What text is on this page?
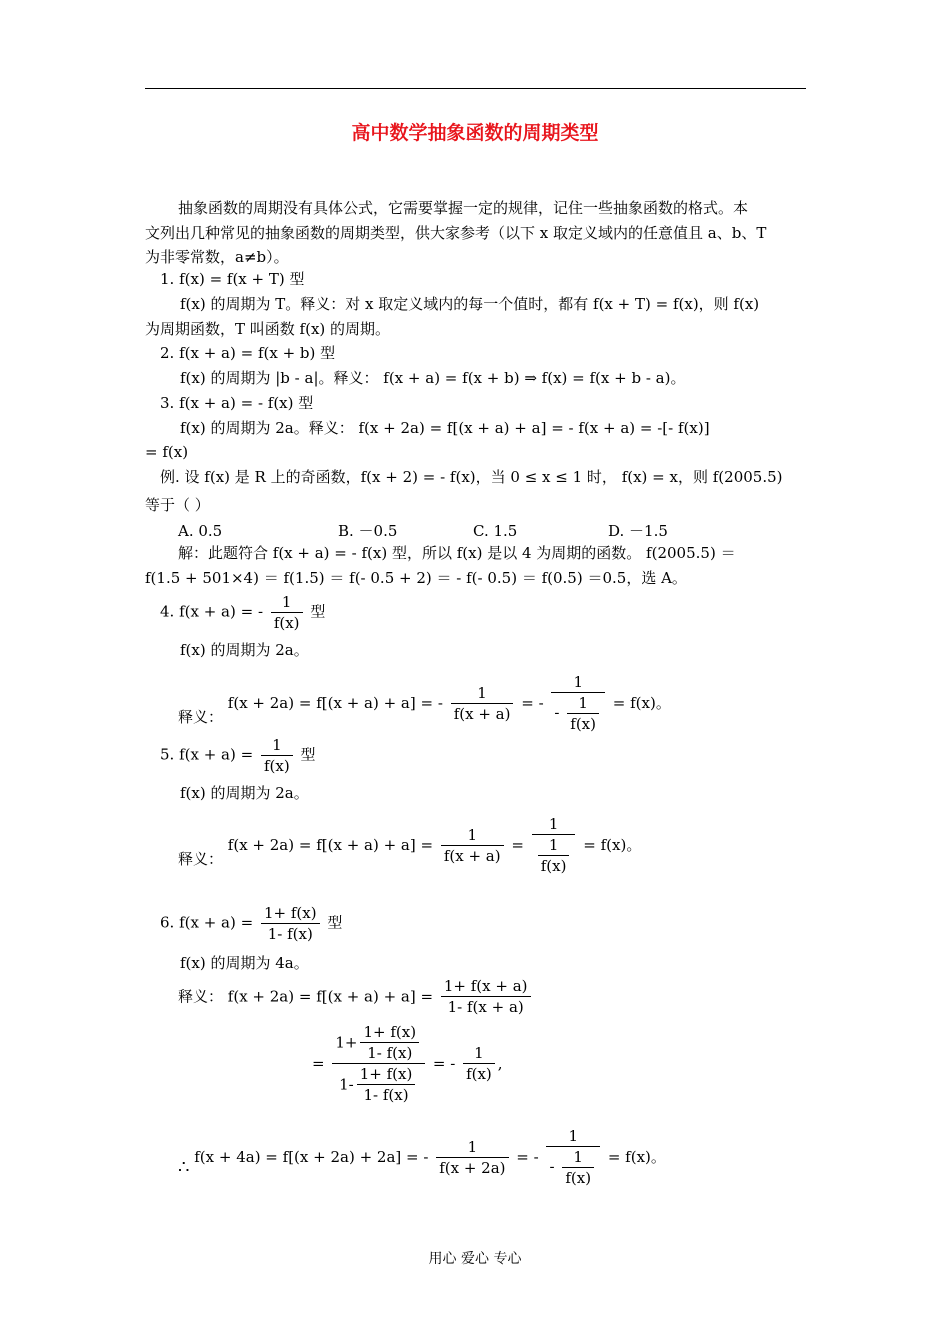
高中数学抽象函数的周期类型
抽象函数的周期没有具体公式，它需要掌握一定的规律，记住一些抽象函数的格式。本
文列出几种常见的抽象函数的周期类型，供大家参考（以下 x 取定义域内的任意值且 a、b、T
为非零常数，a≠b）。
1. f(x) = f(x + T) 型
f(x) 的周期为 T。释义：对 x 取定义域内的每一个值时，都有 f(x + T) = f(x)，则 f(x)
为周期函数，T 叫函数 f(x) 的周期。
2. f(x + a) = f(x + b) 型
f(x) 的周期为 |b - a|。释义： f(x + a) = f(x + b) ⇒ f(x) = f(x + b - a)。
3. f(x + a) = - f(x) 型
f(x) 的周期为 2a。释义： f(x + 2a) = f[(x + a) + a] = - f(x + a) = -[- f(x)]
= f(x)
例. 设 f(x) 是 R 上的奇函数，f(x + 2) = - f(x)，当 0 ≤ x ≤ 1 时， f(x) = x，则 f(2005.5)
等于（ ）
A. 0.5	B. －0.5	C. 1.5	D. －1.5
解：此题符合 f(x + a) = - f(x) 型，所以 f(x) 是以 4 为周期的函数。 f(2005.5) ＝
f(1.5 + 501×4) ＝ f(1.5) ＝ f(- 0.5 + 2) ＝ - f(- 0.5) ＝ f(0.5) ＝0.5，选 A。
4. f(x + a) = - $\frac{1}{f(x)}$ 型
f(x) 的周期为 2a。
释义： f(x + 2a) = f[(x + a) + a] = - $\frac{1}{f(x + a)}$ = - $\frac{1}{- \frac{1}{f(x)}} = f(x)$。
5. $f(x + a) = \frac{1}{f(x)}$ 型
f(x) 的周期为 2a。
释义： $f(x + 2a) = f[(x + a) + a] = \frac{1}{f(x + a)} = \frac{1}{\frac{1}{f(x)}} = f(x)$。
6. $f(x + a) = \frac{1+ f(x)}{1- f(x)}$ 型
f(x) 的周期为 4a。
释义： $f(x + 2a) = f[(x + a) + a] = \frac{1+ f(x + a)}{1- f(x + a)}$
= $\frac{1+ \frac{1+ f(x)}{1- f(x)}}{1- \frac{1+ f(x)}{1- f(x)}}$ = - $\frac{1}{f(x)}$ ,
∴ f(x + 4a) = f[(x + 2a) + 2a] = - $\frac{1}{f(x + 2a)}$ = - $\frac{1}{- \frac{1}{f(x)}} = f(x)$。
用心 爱心 专心
